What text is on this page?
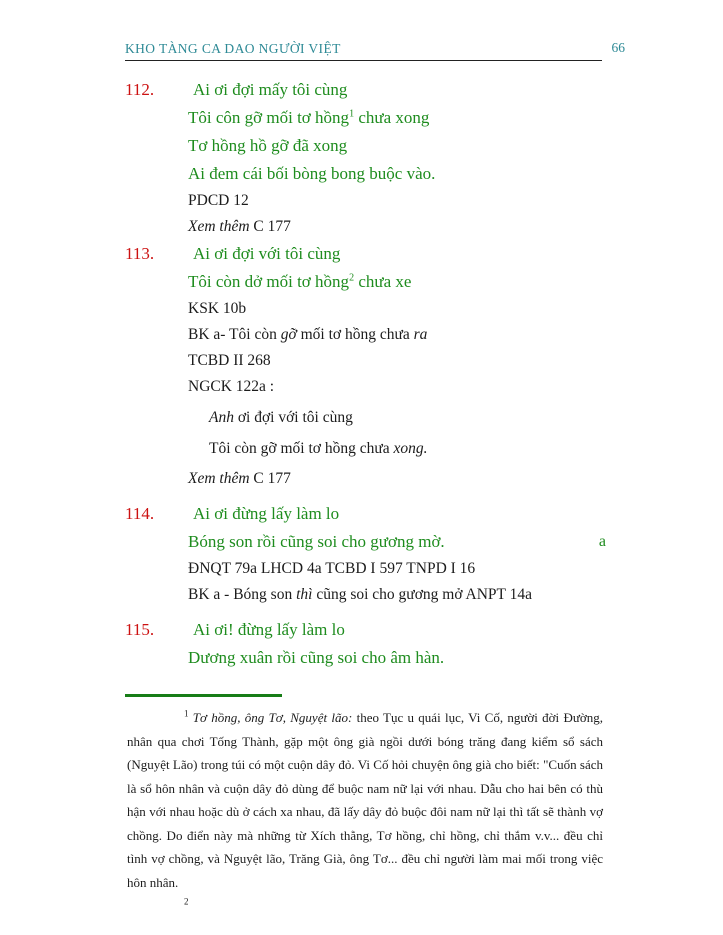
KHO TÀNG CA DAO NGƯỜI VIỆT	66
112.	Ai ơi đợi mấy tôi cùng
Tôi côn gỡ mối tơ hồng$^1$ chưa xong
Tơ hồng hồ gỡ đã xong
Ai đem cái bối bòng bong buộc vào.
PDCD 12
Xem thêm C 177
113.	Ai ơi đợi với tôi cùng
Tôi còn dở mối tơ hồng$^2$ chưa xe
KSK 10b
BK a- Tôi còn gỡ mối tơ hồng chưa ra
TCBD II 268
NGCK 122a :
Anh ơi đợi với tôi cùng
Tôi còn gỡ mối tơ hồng chưa xong.
Xem thêm C 177
114.	Ai ơi đừng lấy làm lo
Bóng son rồi cũng soi cho gương mờ.	a
ĐNQT 79a LHCD 4a TCBD I 597 TNPD I 16
BK a - Bóng son thì cũng soi cho gương mở ANPT 14a
115.	Ai ơi! đừng lấy làm lo
Dương xuân rồi cũng soi cho âm hàn.

$^1$ Tơ hồng, ông Tơ, Nguyệt lão: theo Tục u quái lục, Vi Cố, người đời Đường, nhân qua chơi Tống Thành, gặp một ông già ngồi dưới bóng trăng đang kiểm sổ sách (Nguyệt Lão) trong túi có một cuộn dây đỏ. Vi Cố hỏi chuyện ông già cho biết: "Cuốn sách là sổ hôn nhân và cuộn dây đỏ dùng để buộc nam nữ lại với nhau. Dẫu cho hai bên có thù hận với nhau hoặc dù ở cách xa nhau, đã lấy dây đỏ buộc đôi nam nữ lại thì tất sẽ thành vợ chồng. Do điển này mà những từ Xích thằng, Tơ hồng, chỉ hồng, chỉ thắm v.v... đều chỉ tình vợ chồng, và Nguyệt lão, Trăng Già, ông Tơ... đều chỉ người làm mai mối trong việc hôn nhân.

$^2$
